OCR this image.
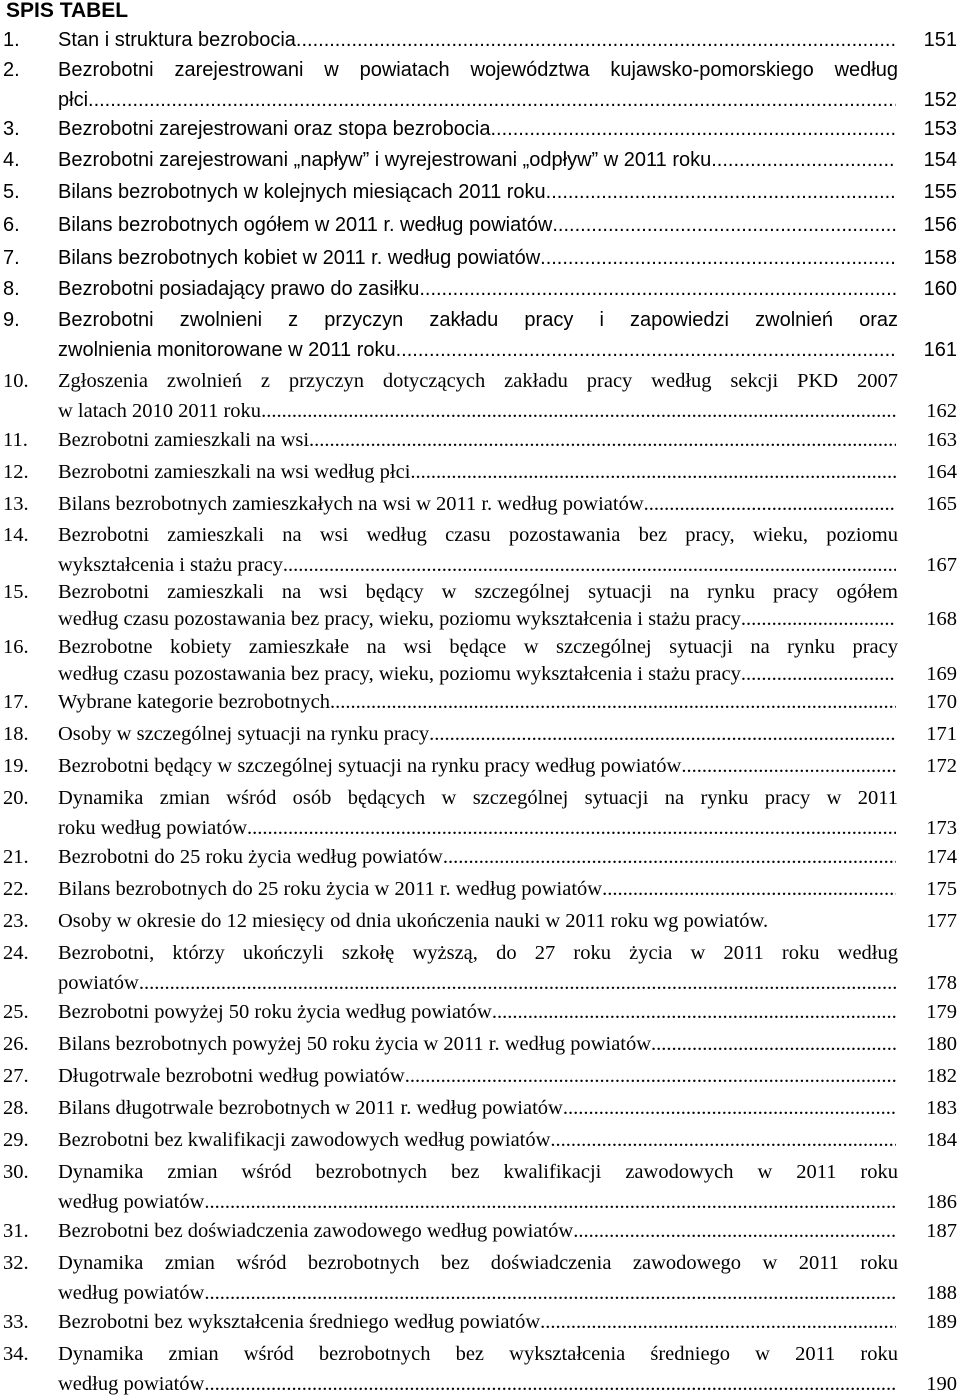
SPIS TABEL
1. Stan i struktura bezrobocia .....	151
2. Bezrobotni zarejestrowani w powiatach województwa kujawsko-pomorskiego według
płci .....	152
3. Bezrobotni zarejestrowani oraz stopa bezrobocia .....	153
4. Bezrobotni zarejestrowani „napływ” i wyrejestrowani „odpływ” w 2011 roku .....	154
5. Bilans bezrobotnych w kolejnych miesiącach 2011 roku .....	155
6. Bilans bezrobotnych ogółem w 2011 r. według powiatów .....	156
7. Bilans bezrobotnych kobiet w 2011 r. według powiatów .....	158
8. Bezrobotni posiadający prawo do zasiłku .....	160
9. Bezrobotni zwolnieni z przyczyn zakładu pracy i zapowiedzi zwolnień oraz
zwolnienia monitorowane w 2011 roku .....	161
10. Zgłoszenia zwolnień z przyczyn dotyczących zakładu pracy według sekcji PKD 2007
w latach 2010 2011 roku .....	162
11. Bezrobotni zamieszkali na wsi .....	163
12. Bezrobotni zamieszkali na wsi według płci .....	164
13. Bilans bezrobotnych zamieszkałych na wsi w 2011 r. według powiatów .....	165
14. Bezrobotni zamieszkali na wsi według czasu pozostawania bez pracy, wieku, poziomu
wykształcenia i stażu pracy .....	167
15. Bezrobotni zamieszkali na wsi będący w szczególnej sytuacji na rynku pracy ogółem
według czasu pozostawania bez pracy, wieku, poziomu wykształcenia i stażu pracy .....	168
16. Bezrobotne kobiety zamieszkałe na wsi będące w szczególnej sytuacji na rynku pracy
według czasu pozostawania bez pracy, wieku, poziomu wykształcenia i stażu pracy .....	169
17. Wybrane kategorie bezrobotnych .....	170
18. Osoby w szczególnej sytuacji na rynku pracy .....	171
19. Bezrobotni będący w szczególnej sytuacji na rynku pracy według powiatów .....	172
20. Dynamika zmian wśród osób będących w szczególnej sytuacji na rynku pracy w 2011
roku według powiatów .....	173
21. Bezrobotni do 25 roku życia według powiatów .....	174
22. Bilans bezrobotnych do 25 roku życia w 2011 r. według powiatów .....	175
23. Osoby w okresie do 12 miesięcy od dnia ukończenia nauki w 2011 roku wg powiatów.	177
24. Bezrobotni, którzy ukończyli szkołę wyższą, do 27 roku życia w 2011 roku według
powiatów .....	178
25. Bezrobotni powyżej 50 roku życia według powiatów .....	179
26. Bilans bezrobotnych powyżej 50 roku życia w 2011 r. według powiatów .....	180
27. Długotrwale bezrobotni według powiatów .....	182
28. Bilans długotrwale bezrobotnych w 2011 r. według powiatów .....	183
29. Bezrobotni bez kwalifikacji zawodowych według powiatów .....	184
30. Dynamika zmian wśród bezrobotnych bez kwalifikacji zawodowych w 2011 roku
według powiatów .....	186
31. Bezrobotni bez doświadczenia zawodowego według powiatów .....	187
32. Dynamika zmian wśród bezrobotnych bez doświadczenia zawodowego w 2011 roku
według powiatów .....	188
33. Bezrobotni bez wykształcenia średniego według powiatów .....	189
34. Dynamika zmian wśród bezrobotnych bez wykształcenia średniego w 2011 roku
według powiatów .....	190
